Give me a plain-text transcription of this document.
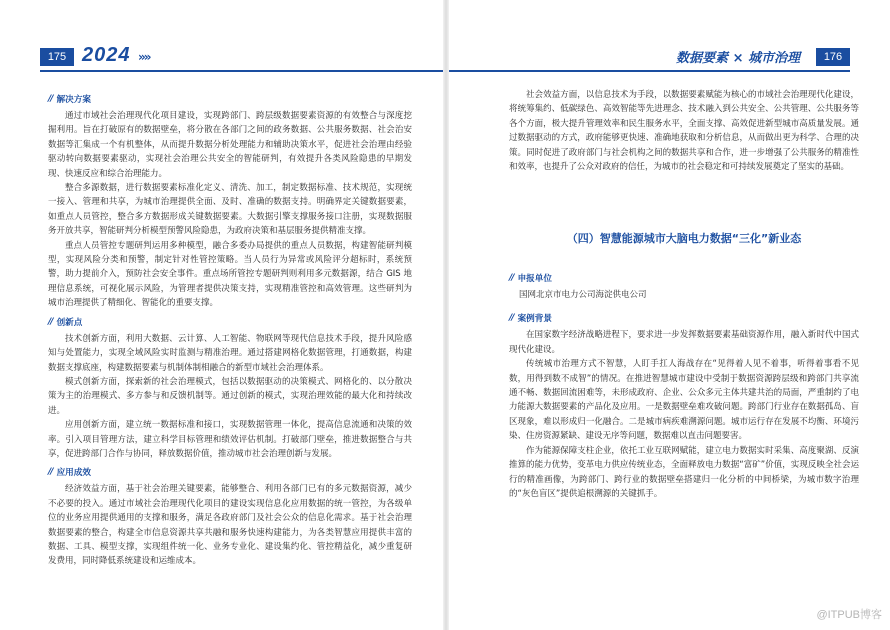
175 2024 »»
// 解决方案

通过市域社会治理现代化项目建设，实现跨部门、跨层级数据要素资源的有效整合与深度挖掘利用。旨在打破原有的数据壁垒，将分散在各部门之间的政务数据、公共服务数据、社会治安数据等汇集成一个有机整体，从而提升数据分析处理能力和辅助决策水平，促进社会治理由经验驱动转向数据要素驱动，实现社会治理公共安全的智能研判，有效提升各类风险隐患的早期发现、快速反应和综合治理能力。

整合多源数据，进行数据要素标准化定义、清洗、加工，制定数据标准、技术规范，实现统一接入、管理和共享，为城市治理提供全面、及时、准确的数据支持。明确界定关键数据要素，如重点人员管控，整合多方数据形成关键数据要素。大数据引擎支撑服务接口注册，实现数据服务开放共享，智能研判分析模型预警风险隐患，为政府决策和基层服务提供精准支撑。

重点人员管控专题研判运用多种模型，融合多委办局提供的重点人员数据，构建智能研判模型，实现风险分类和预警，制定针对性管控策略。当人员行为异常或风险评分超标时，系统预警，助力提前介入，预防社会安全事件。重点场所管控专题研判则利用多元数据源，结合 GIS 地理信息系统，可视化展示风险，为管理者提供决策支持，实现精准管控和高效管理。这些研判为城市治理提供了精细化、智能化的重要支撑。

// 创新点

技术创新方面，利用大数据、云计算、人工智能、物联网等现代信息技术手段，提升风险感知与处置能力，实现全域风险实时监测与精准治理。通过搭建网格化数据管理，打通数据，构建数据支撑底座，构建数据要素与机制体制相融合的新型市域社会治理体系。

模式创新方面，探索新的社会治理模式，包括以数据驱动的决策模式、网格化的、以分散决策为主的治理模式、多方参与和反馈机制等。通过创新的模式，实现治理效能的最大化和持续改进。

应用创新方面，建立统一数据标准和接口，实现数据管理一体化，提高信息流通和决策的效率。引入项目管理方法，建立科学目标管理和绩效评估机制。打破部门壁垒，推进数据整合与共享，促进跨部门合作与协同，释放数据价值，推动城市社会治理创新与发展。

// 应用成效

经济效益方面，基于社会治理关键要素，能够整合、利用各部门已有的多元数据资源，减少不必要的投入。通过市域社会治理现代化项目的建设实现信息化应用数据的统一管控，为各级单位的业务应用提供通用的支撑和服务，满足各政府部门及社会公众的信息化需求。基于社会治理数据要素的整合，构建全市信息资源共享共融和服务快速构建能力，为各类智慧应用提供丰富的数据、工具、模型支撑，实现组件统一化、业务专业化、建设集约化、管控精益化，减少重复研发费用，同时降低系统建设和运维成本。

数据要素 × 城市治理	176

社会效益方面，以信息技术为手段，以数据要素赋能为核心的市域社会治理现代化建设，将统筹集约、低碳绿色、高效智能等先进理念、技术融入到公共安全、公共管理、公共服务等各个方面，极大提升管理效率和民生服务水平，全面支撑、高效促进新型城市高质量发展。通过数据驱动的方式，政府能够更快速、准确地获取和分析信息，从而做出更为科学、合理的决策。同时促进了政府部门与社会机构之间的数据共享和合作，进一步增强了公共服务的精准性和效率，也提升了公众对政府的信任，为城市的社会稳定和可持续发展奠定了坚实的基础。

（四）智慧能源城市大脑电力数据“三化”新业态
// 申报单位
国网北京市电力公司海淀供电公司
// 案例背景

在国家数字经济战略进程下，要求进一步发挥数据要素基础资源作用，融入新时代中国式现代化建设。

传统城市治理方式不智慧，人盯手扛人海战存在“见得着人见不着事，听得着事看不见数，用得到数不成智”的情况。在推进智慧城市建设中受制于数据资源跨层级和跨部门共享流通不畅、数据回流困难等，未形成政府、企业、公众多元主体共建共治的局面，严重制约了电力能源大数据要素的产品化及应用。一是数据壁垒难攻破问题。跨部门行业存在数据孤岛、盲区现象，难以形成归一化融合。二是城市病疾难溯源问题。城市运行存在发展不均衡、环境污染、住房资源紧缺、建设无序等问题，数据难以直击问题要害。

作为能源保障支柱企业，依托工业互联网赋能，建立电力数据实时采集、高度聚湖、反演推算的能力优势，变革电力供应传统业态，全面释放电力数据“富矿”价值，实现反映全社会运行的精准画像，为跨部门、跨行业的数据壁垒搭建归一化分析的中间桥梁，为城市数字治理的“灰色盲区”提供追根溯源的关键抓手。

@ITPUB博客
